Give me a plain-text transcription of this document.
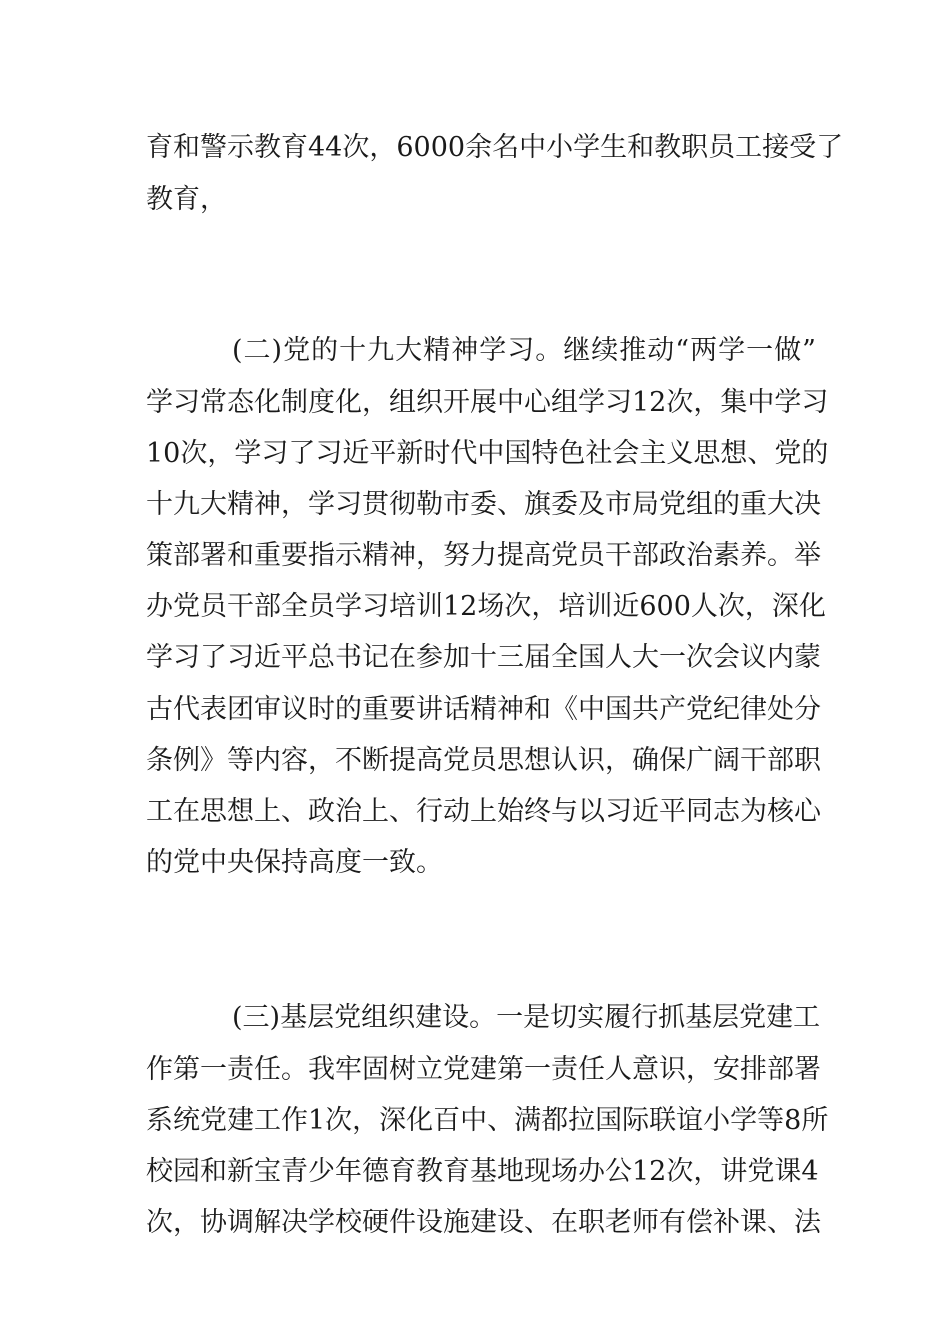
育和警示教育44次，6000余名中小学生和教职员工接受了
教育，
(二)党的十九大精神学习。继续推动“两学一做”
学习常态化制度化，组织开展中心组学习12次，集中学习
10次，学习了习近平新时代中国特色社会主义思想、党的
十九大精神，学习贯彻勒市委、旗委及市局党组的重大决
策部署和重要指示精神，努力提高党员干部政治素养。举
办党员干部全员学习培训12场次，培训近600人次，深化
学习了习近平总书记在参加十三届全国人大一次会议内蒙
古代表团审议时的重要讲话精神和《中国共产党纪律处分
条例》等内容，不断提高党员思想认识，确保广阔干部职
工在思想上、政治上、行动上始终与以习近平同志为核心
的党中央保持高度一致。
(三)基层党组织建设。一是切实履行抓基层党建工
作第一责任。我牢固树立党建第一责任人意识，安排部署
系统党建工作1次，深化百中、满都拉国际联谊小学等8所
校园和新宝青少年德育教育基地现场办公12次，讲党课4
次，协调解决学校硬件设施建设、在职老师有偿补课、法
